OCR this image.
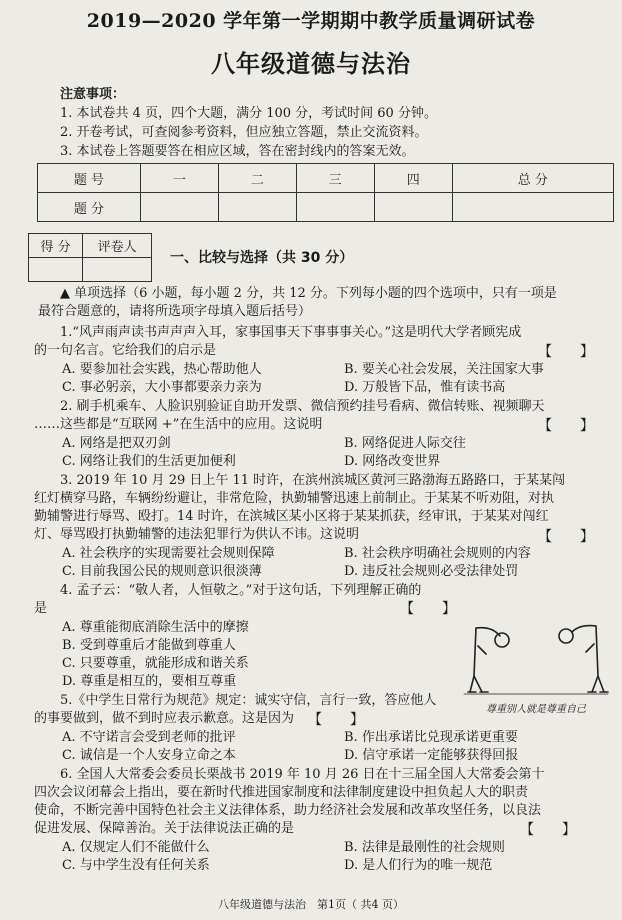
2019—2020 学年第一学期期中教学质量调研试卷
八年级道德与法治
注意事项：
1. 本试卷共 4 页，四个大题，满分 100 分，考试时间 60 分钟。
2. 开卷考试，可查阅参考资料，但应独立答题，禁止交流资料。
3. 本试卷上答题要答在相应区域，答在密封线内的答案无效。
题 号	一	二	三	四	总 分
题 分					
得 分	评卷人

一、比较与选择（共 30 分）
▲ 单项选择（6 小题，每小题 2 分，共 12 分。下列每小题的四个选项中，只有一项是
最符合题意的，请将所选项字母填入题后括号）
1.“风声雨声读书声声声入耳，家事国事天下事事事关心。”这是明代大学者顾宪成
的一句名言。它给我们的启示是	【　　】
A. 要参加社会实践，热心帮助他人	B. 要关心社会发展，关注国家大事
C. 事必躬亲，大小事都要亲力亲为	D. 万般皆下品，惟有读书高
2. 刷手机乘车、人脸识别验证自助开发票、微信预约挂号看病、微信转账、视频聊天
……这些都是“互联网 +”在生活中的应用。这说明	【　　】
A. 网络是把双刃剑	B. 网络促进人际交往
C. 网络让我们的生活更加便利	D. 网络改变世界
3. 2019 年 10 月 29 日上午 11 时许，在滨州滨城区黄河三路渤海五路路口，于某某闯
红灯横穿马路，车辆纷纷避让，非常危险，执勤辅警迅速上前制止。于某某不听劝阻，对执
勤辅警进行辱骂、殴打。14 时许，在滨城区某小区将于某某抓获，经审讯，于某某对闯红
灯、辱骂殴打执勤辅警的违法犯罪行为供认不讳。这说明	【　　】
A. 社会秩序的实现需要社会规则保障	B. 社会秩序明确社会规则的内容
C. 目前我国公民的规则意识很淡薄	D. 违反社会规则必受法律处罚
4. 孟子云：“敬人者，人恒敬之。”对于这句话，下列理解正确的
是	【　　】
A. 尊重能彻底消除生活中的摩擦
B. 受到尊重后才能做到尊重人
C. 只要尊重，就能形成和谐关系
D. 尊重是相互的，要相互尊重
尊重别人就是尊重自己
5.《中学生日常行为规范》规定：诚实守信，言行一致，答应他人
的事要做到，做不到时应表示歉意。这是因为 【　　】
A. 不守诺言会受到老师的批评	B. 作出承诺比兑现承诺更重要
C. 诚信是一个人安身立命之本	D. 信守承诺一定能够获得回报
6. 全国人大常委会委员长栗战书 2019 年 10 月 26 日在十三届全国人大常委会第十
四次会议闭幕会上指出，要在新时代推进国家制度和法律制度建设中担负起人大的职责
使命，不断完善中国特色社会主义法律体系，助力经济社会发展和改革攻坚任务，以良法
促进发展、保障善治。关于法律说法正确的是	【　　】
A. 仅规定人们不能做什么	B. 法律是最刚性的社会规则
C. 与中学生没有任何关系	D. 是人们行为的唯一规范
八年级道德与法治　第1页（ 共4 页）
